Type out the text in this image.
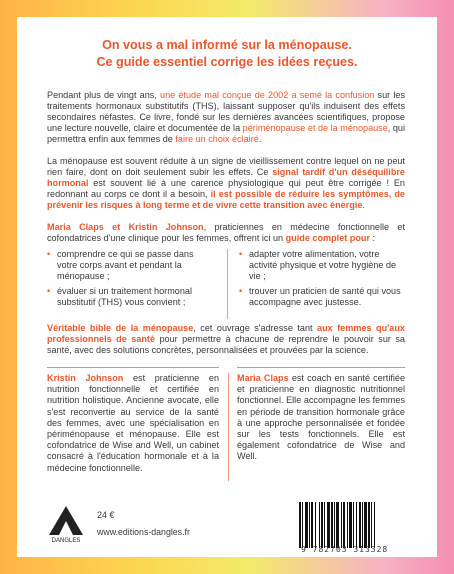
On vous a mal informé sur la ménopause.
Ce guide essentiel corrige les idées reçues.

Pendant plus de vingt ans, une étude mal conçue de 2002 a semé la confusion sur les traitements hormonaux substitutifs (THS), laissant supposer qu'ils induisent des effets secondaires néfastes. Ce livre, fondé sur les dernières avancées scientifiques, propose une lecture nouvelle, claire et documentée de la périménopause et de la ménopause, qui permettra enfin aux femmes de faire un choix éclairé.

La ménopause est souvent réduite à un signe de vieillissement contre lequel on ne peut rien faire, dont on doit seulement subir les effets. Ce signal tardif d'un déséquilibre hormonal est souvent lié à une carence physiologique qui peut être corrigée ! En redonnant au corps ce dont il a besoin, il est possible de réduire les symptômes, de prévenir les risques à long terme et de vivre cette transition avec énergie.

Maria Claps et Kristin Johnson, praticiennes en médecine fonctionnelle et cofondatrices d'une clinique pour les femmes, offrent ici un guide complet pour :

• comprendre ce qui se passe dans votre corps avant et pendant la ménopause ;
• évaluer si un traitement hormonal substitutif (THS) vous convient ;
• adapter votre alimentation, votre activité physique et votre hygiène de vie ;
• trouver un praticien de santé qui vous accompagne avec justesse.

Véritable bible de la ménopause, cet ouvrage s'adresse tant aux femmes qu'aux professionnels de santé pour permettre à chacune de reprendre le pouvoir sur sa santé, avec des solutions concrètes, personnalisées et prouvées par la science.

Kristin Johnson est praticienne en nutrition fonctionnelle et certifiée en nutrition holistique. Ancienne avocate, elle s'est reconvertie au service de la santé des femmes, avec une spécialisation en périménopause et ménopause. Elle est cofondatrice de Wise and Well, un cabinet consacré à l'éducation hormonale et à la médecine fonctionnelle.
Maria Claps est coach en santé certifiée et praticienne en diagnostic nutritionnel fonctionnel. Elle accompagne les femmes en période de transition hormonale grâce à une approche personnalisée et fondée sur les tests fonctionnels. Elle est également cofondatrice de Wise and Well.
DANGLES
24 €
www.editions-dangles.fr
9 782703 313328
